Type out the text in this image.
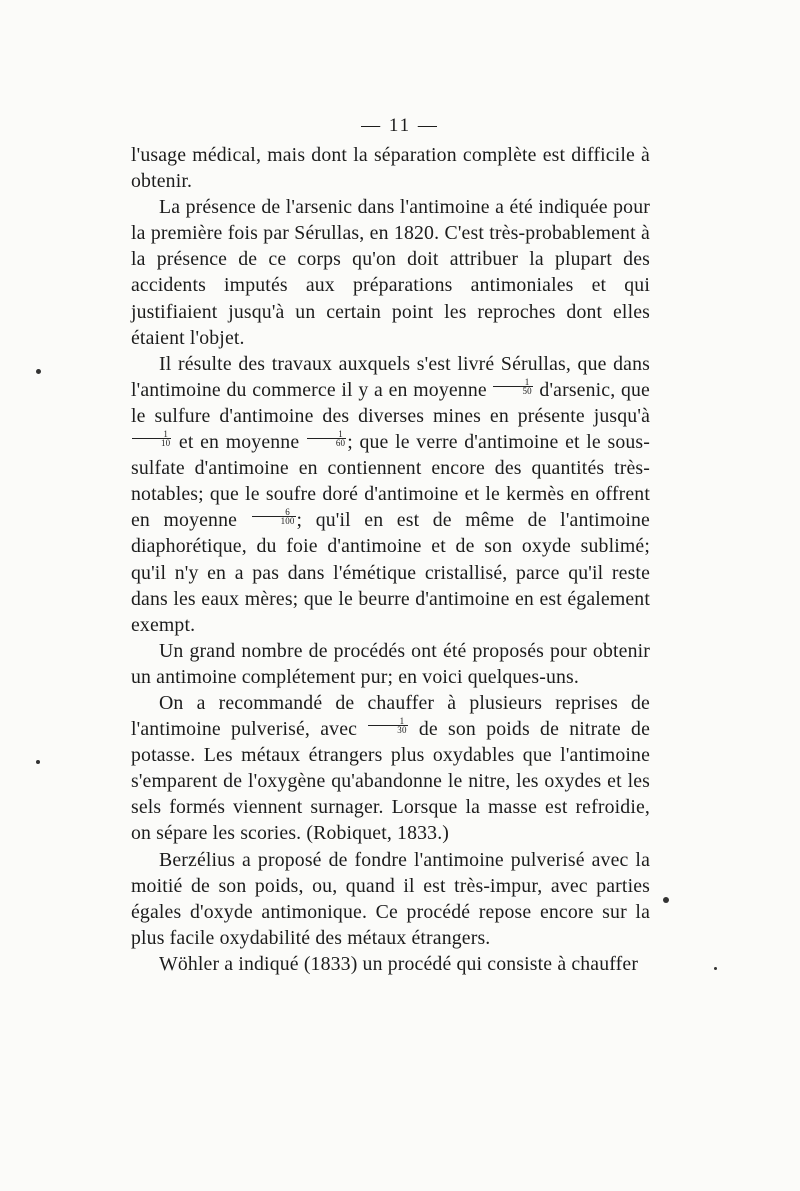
— 11 —

l'usage médical, mais dont la séparation complète est difficile à obtenir.

La présence de l'arsenic dans l'antimoine a été indiquée pour la première fois par Sérullas, en 1820. C'est très-probablement à la présence de ce corps qu'on doit attribuer la plupart des accidents imputés aux préparations antimoniales et qui justifiaient jusqu'à un certain point les reproches dont elles étaient l'objet.

Il résulte des travaux auxquels s'est livré Sérullas, que dans l'antimoine du commerce il y a en moyenne $\frac{1}{50}$ d'arsenic, que le sulfure d'antimoine des diverses mines en présente jusqu'à
$\frac{1}{10}$ et en moyenne $\frac{1}{60}$ ; que le verre d'antimoine et le sous-sulfate d'antimoine en contiennent encore des quantités très-notables; que le soufre doré d'antimoine et le kermès en offrent en moyenne $\frac{6}{100}$ ; qu'il en est de même de l'antimoine diaphorétique, du foie d'antimoine et de son oxyde sublimé; qu'il n'y en a pas dans l'émétique cristallisé, parce qu'il reste dans les eaux mères; que le beurre d'antimoine en est également exempt.

Un grand nombre de procédés ont été proposés pour obtenir un antimoine complétement pur; en voici quelques-uns.

On a recommandé de chauffer à plusieurs reprises de l'antimoine pulverisé, avec $\frac{1}{30}$ de son poids de nitrate de potasse. Les métaux étrangers plus oxydables que l'antimoine s'emparent de l'oxygène qu'abandonne le nitre, les oxydes et les sels formés viennent surnager. Lorsque la masse est refroidie, on sépare les scories. (Robiquet, 1833.)

Berzélius a proposé de fondre l'antimoine pulverisé avec la moitié de son poids, ou, quand il est très-impur, avec parties égales d'oxyde antimonique. Ce procédé repose encore sur la plus facile oxydabilité des métaux étrangers.

Wöhler a indiqué (1833) un procédé qui consiste à chauffer
